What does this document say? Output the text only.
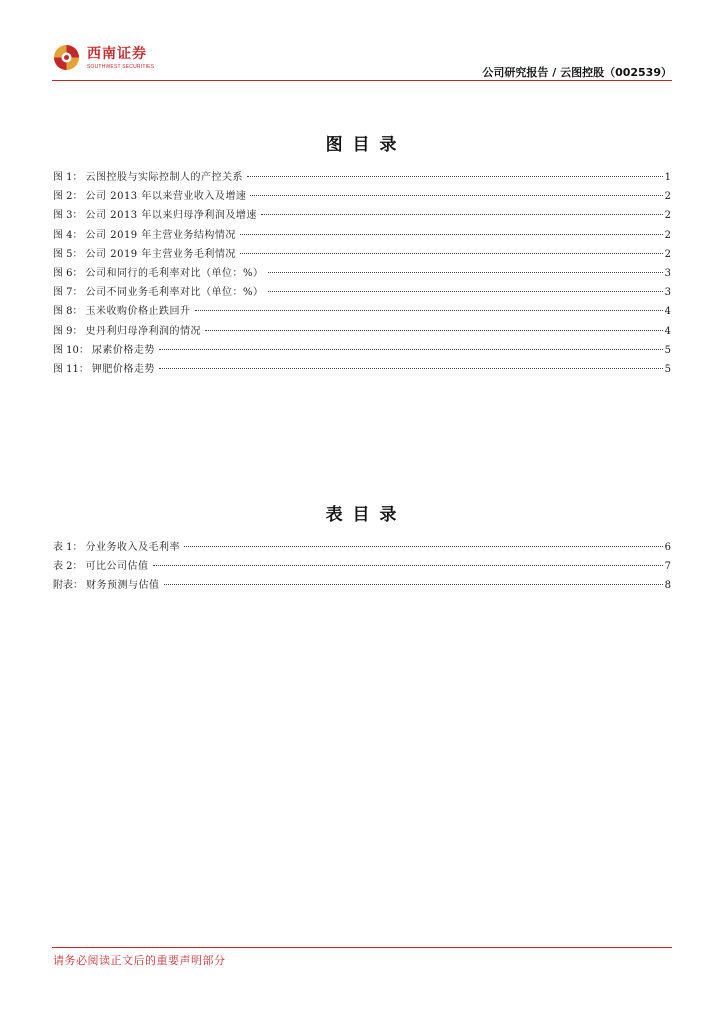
西南证券
SOUTHWEST SECURITIES	公司研究报告 / 云图控股（002539）
图 目 录
图 1 ： 云图控股与实际控制人的产控关系	1
图 2 ： 公司 2013 年以来营业收入及增速	2
图 3 ： 公司 2013 年以来归母净利润及增速	2
图 4 ： 公司 2019 年主营业务结构情况	2
图 5 ： 公司 2019 年主营业务毛利情况	2
图 6 ： 公司和同行的毛利率对比（单位：%）	3
图 7 ： 公司不同业务毛利率对比（单位：%）	3
图 8 ： 玉米收购价格止跌回升	4
图 9 ： 史丹利归母净利润的情况	4
图 10 ： 尿素价格走势	5
图 11 ： 钾肥价格走势	5
表 目 录
表 1 ： 分业务收入及毛利率	6
表 2 ： 可比公司估值	7
附表 ： 财务预测与估值	8
请务必阅读正文后的重要声明部分
